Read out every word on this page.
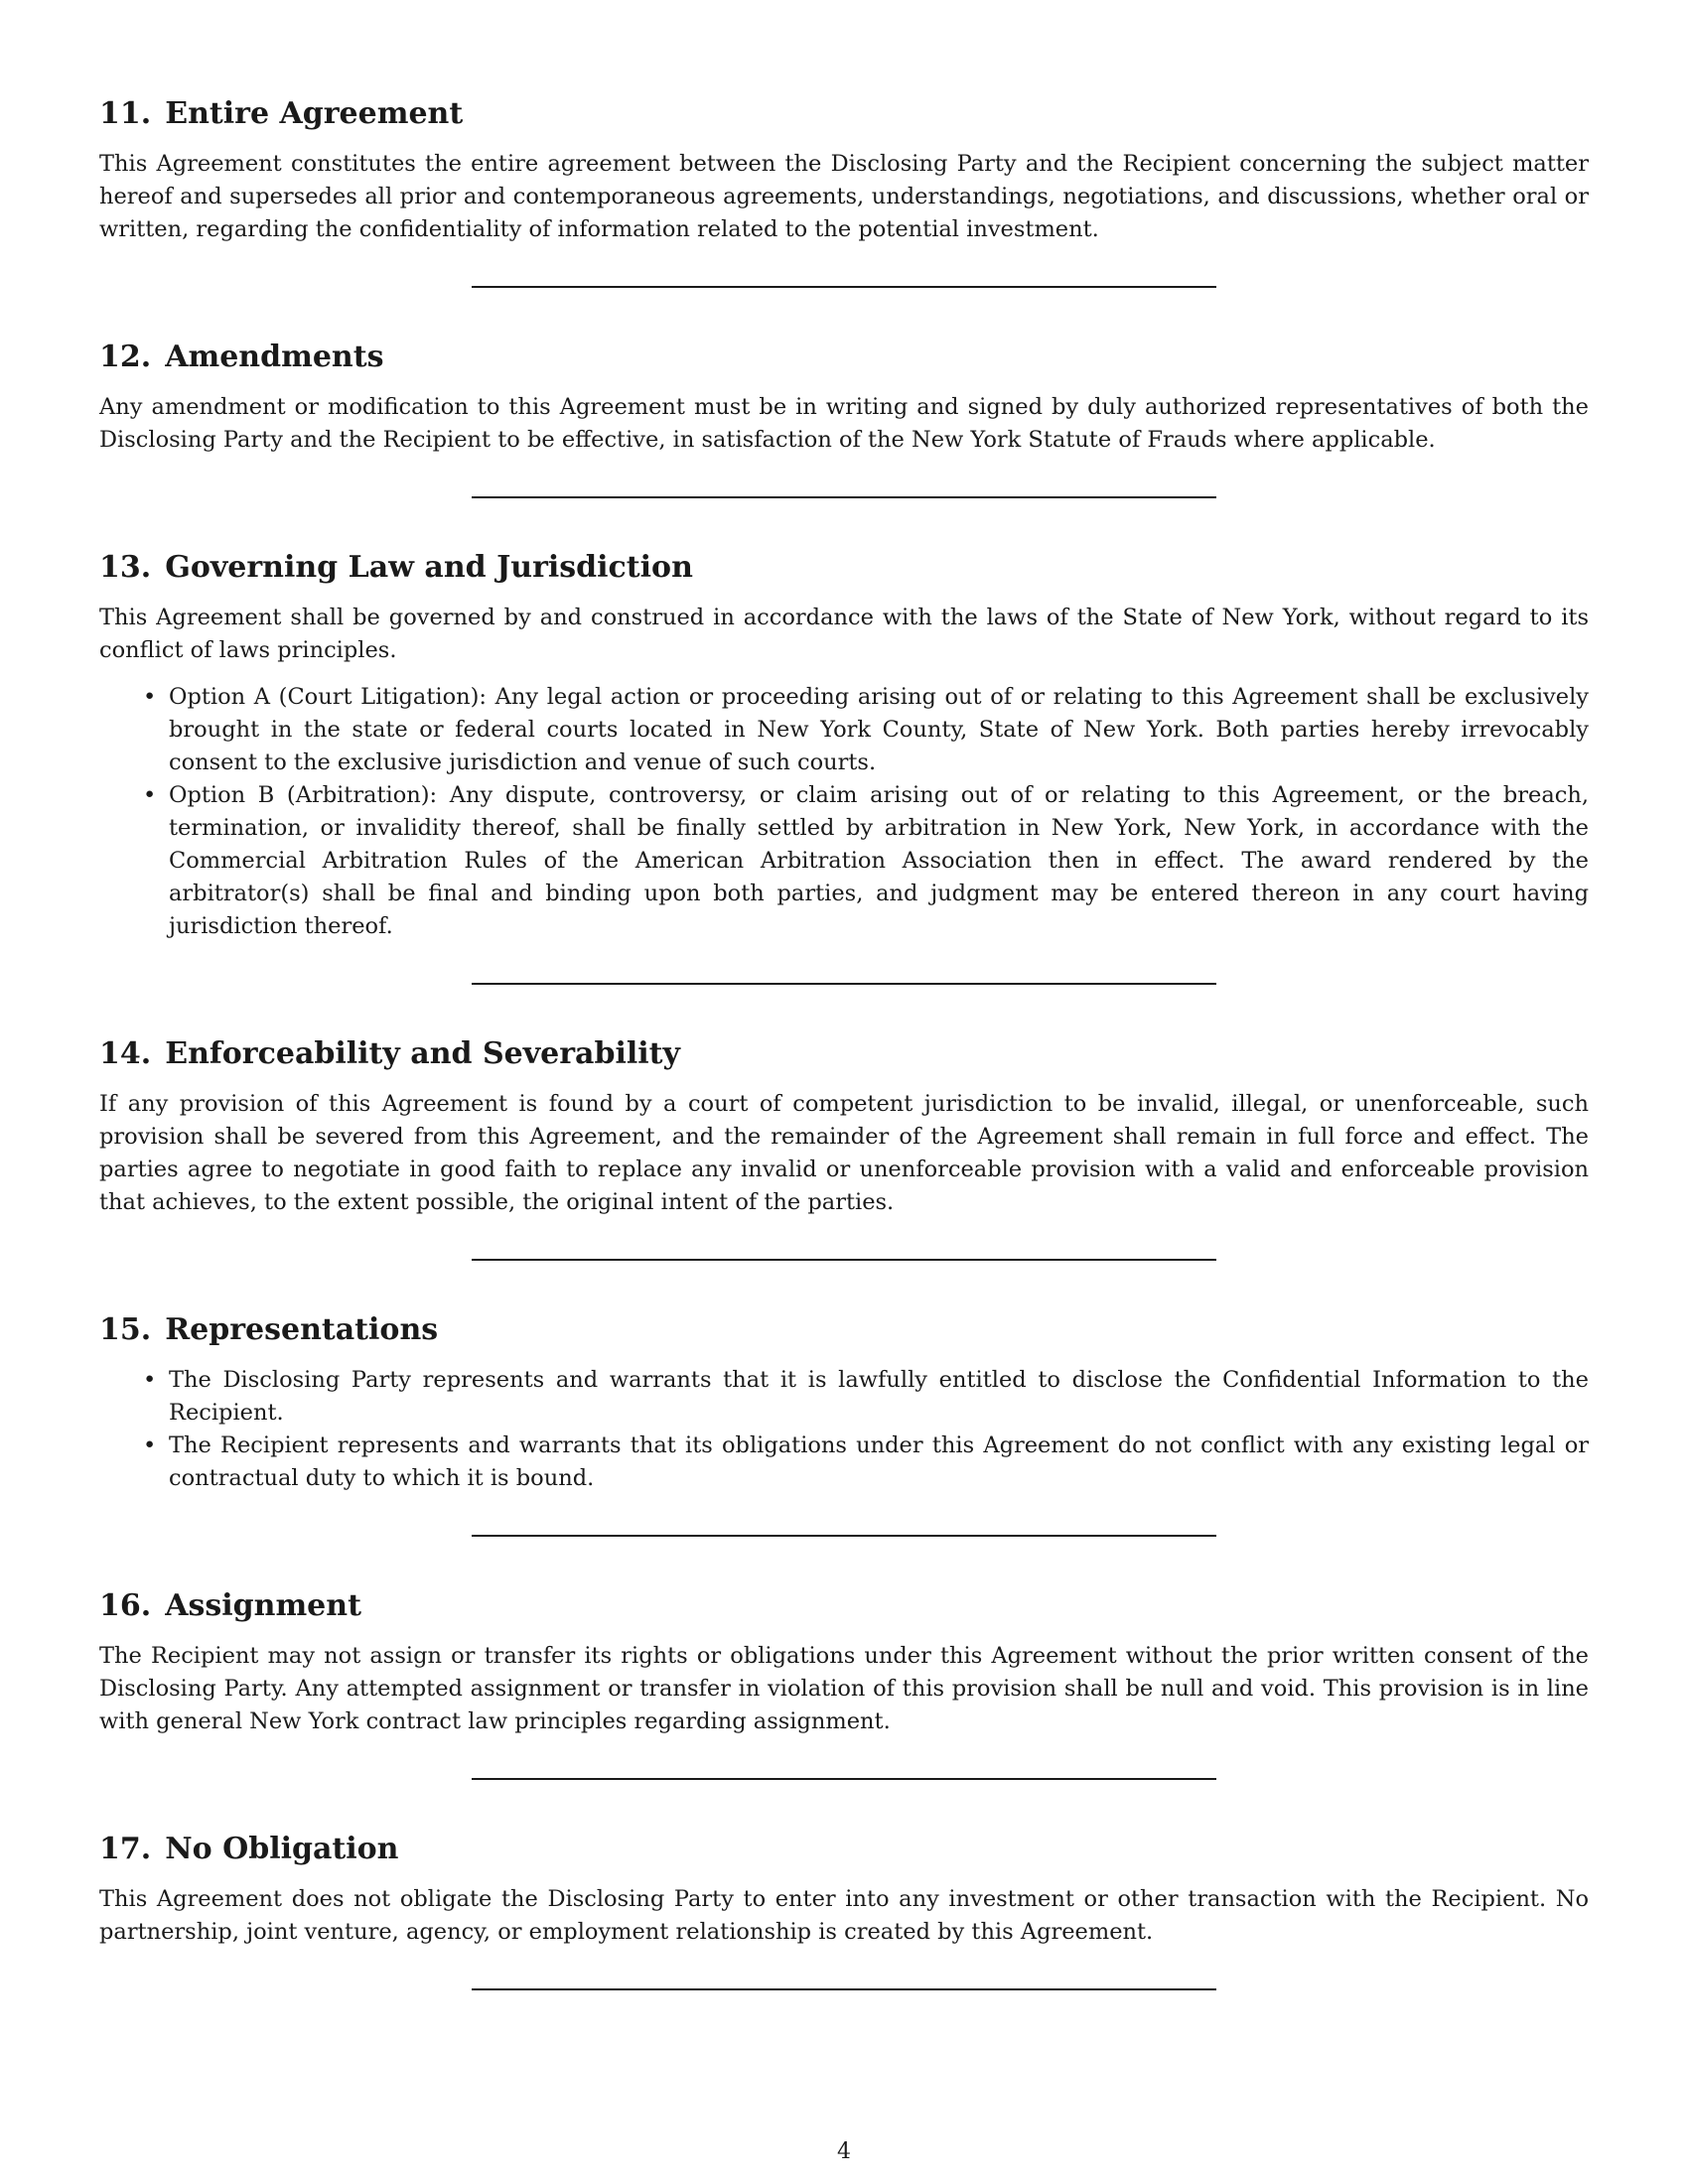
11. Entire Agreement

This Agreement constitutes the entire agreement between the Disclosing Party and the Recipient concerning the subject matter hereof and supersedes all prior and contemporaneous agreements, understandings, negotiations, and discussions, whether oral or written, regarding the confidentiality of information related to the potential investment.

12. Amendments

Any amendment or modification to this Agreement must be in writing and signed by duly authorized representatives of both the Disclosing Party and the Recipient to be effective, in satisfaction of the New York Statute of Frauds where applicable.

13. Governing Law and Jurisdiction

This Agreement shall be governed by and construed in accordance with the laws of the State of New York, without regard to its conflict of laws principles.

• Option A (Court Litigation): Any legal action or proceeding arising out of or relating to this Agreement shall be exclusively brought in the state or federal courts located in New York County, State of New York. Both parties hereby irrevocably consent to the exclusive jurisdiction and venue of such courts.
• Option B (Arbitration): Any dispute, controversy, or claim arising out of or relating to this Agreement, or the breach, termination, or invalidity thereof, shall be finally settled by arbitration in New York, New York, in accordance with the Commercial Arbitration Rules of the American Arbitration Association then in effect. The award rendered by the arbitrator(s) shall be final and binding upon both parties, and judgment may be entered thereon in any court having jurisdiction thereof.
14. Enforceability and Severability

If any provision of this Agreement is found by a court of competent jurisdiction to be invalid, illegal, or unenforceable, such provision shall be severed from this Agreement, and the remainder of the Agreement shall remain in full force and effect. The parties agree to negotiate in good faith to replace any invalid or unenforceable provision with a valid and enforceable provision that achieves, to the extent possible, the original intent of the parties.

15. Representations
• The Disclosing Party represents and warrants that it is lawfully entitled to disclose the Confidential Information to the Recipient.
• The Recipient represents and warrants that its obligations under this Agreement do not conflict with any existing legal or contractual duty to which it is bound.
16. Assignment

The Recipient may not assign or transfer its rights or obligations under this Agreement without the prior written consent of the Disclosing Party. Any attempted assignment or transfer in violation of this provision shall be null and void. This provision is in line with general New York contract law principles regarding assignment.

17. No Obligation

This Agreement does not obligate the Disclosing Party to enter into any investment or other transaction with the Recipient. No partnership, joint venture, agency, or employment relationship is created by this Agreement.

4
